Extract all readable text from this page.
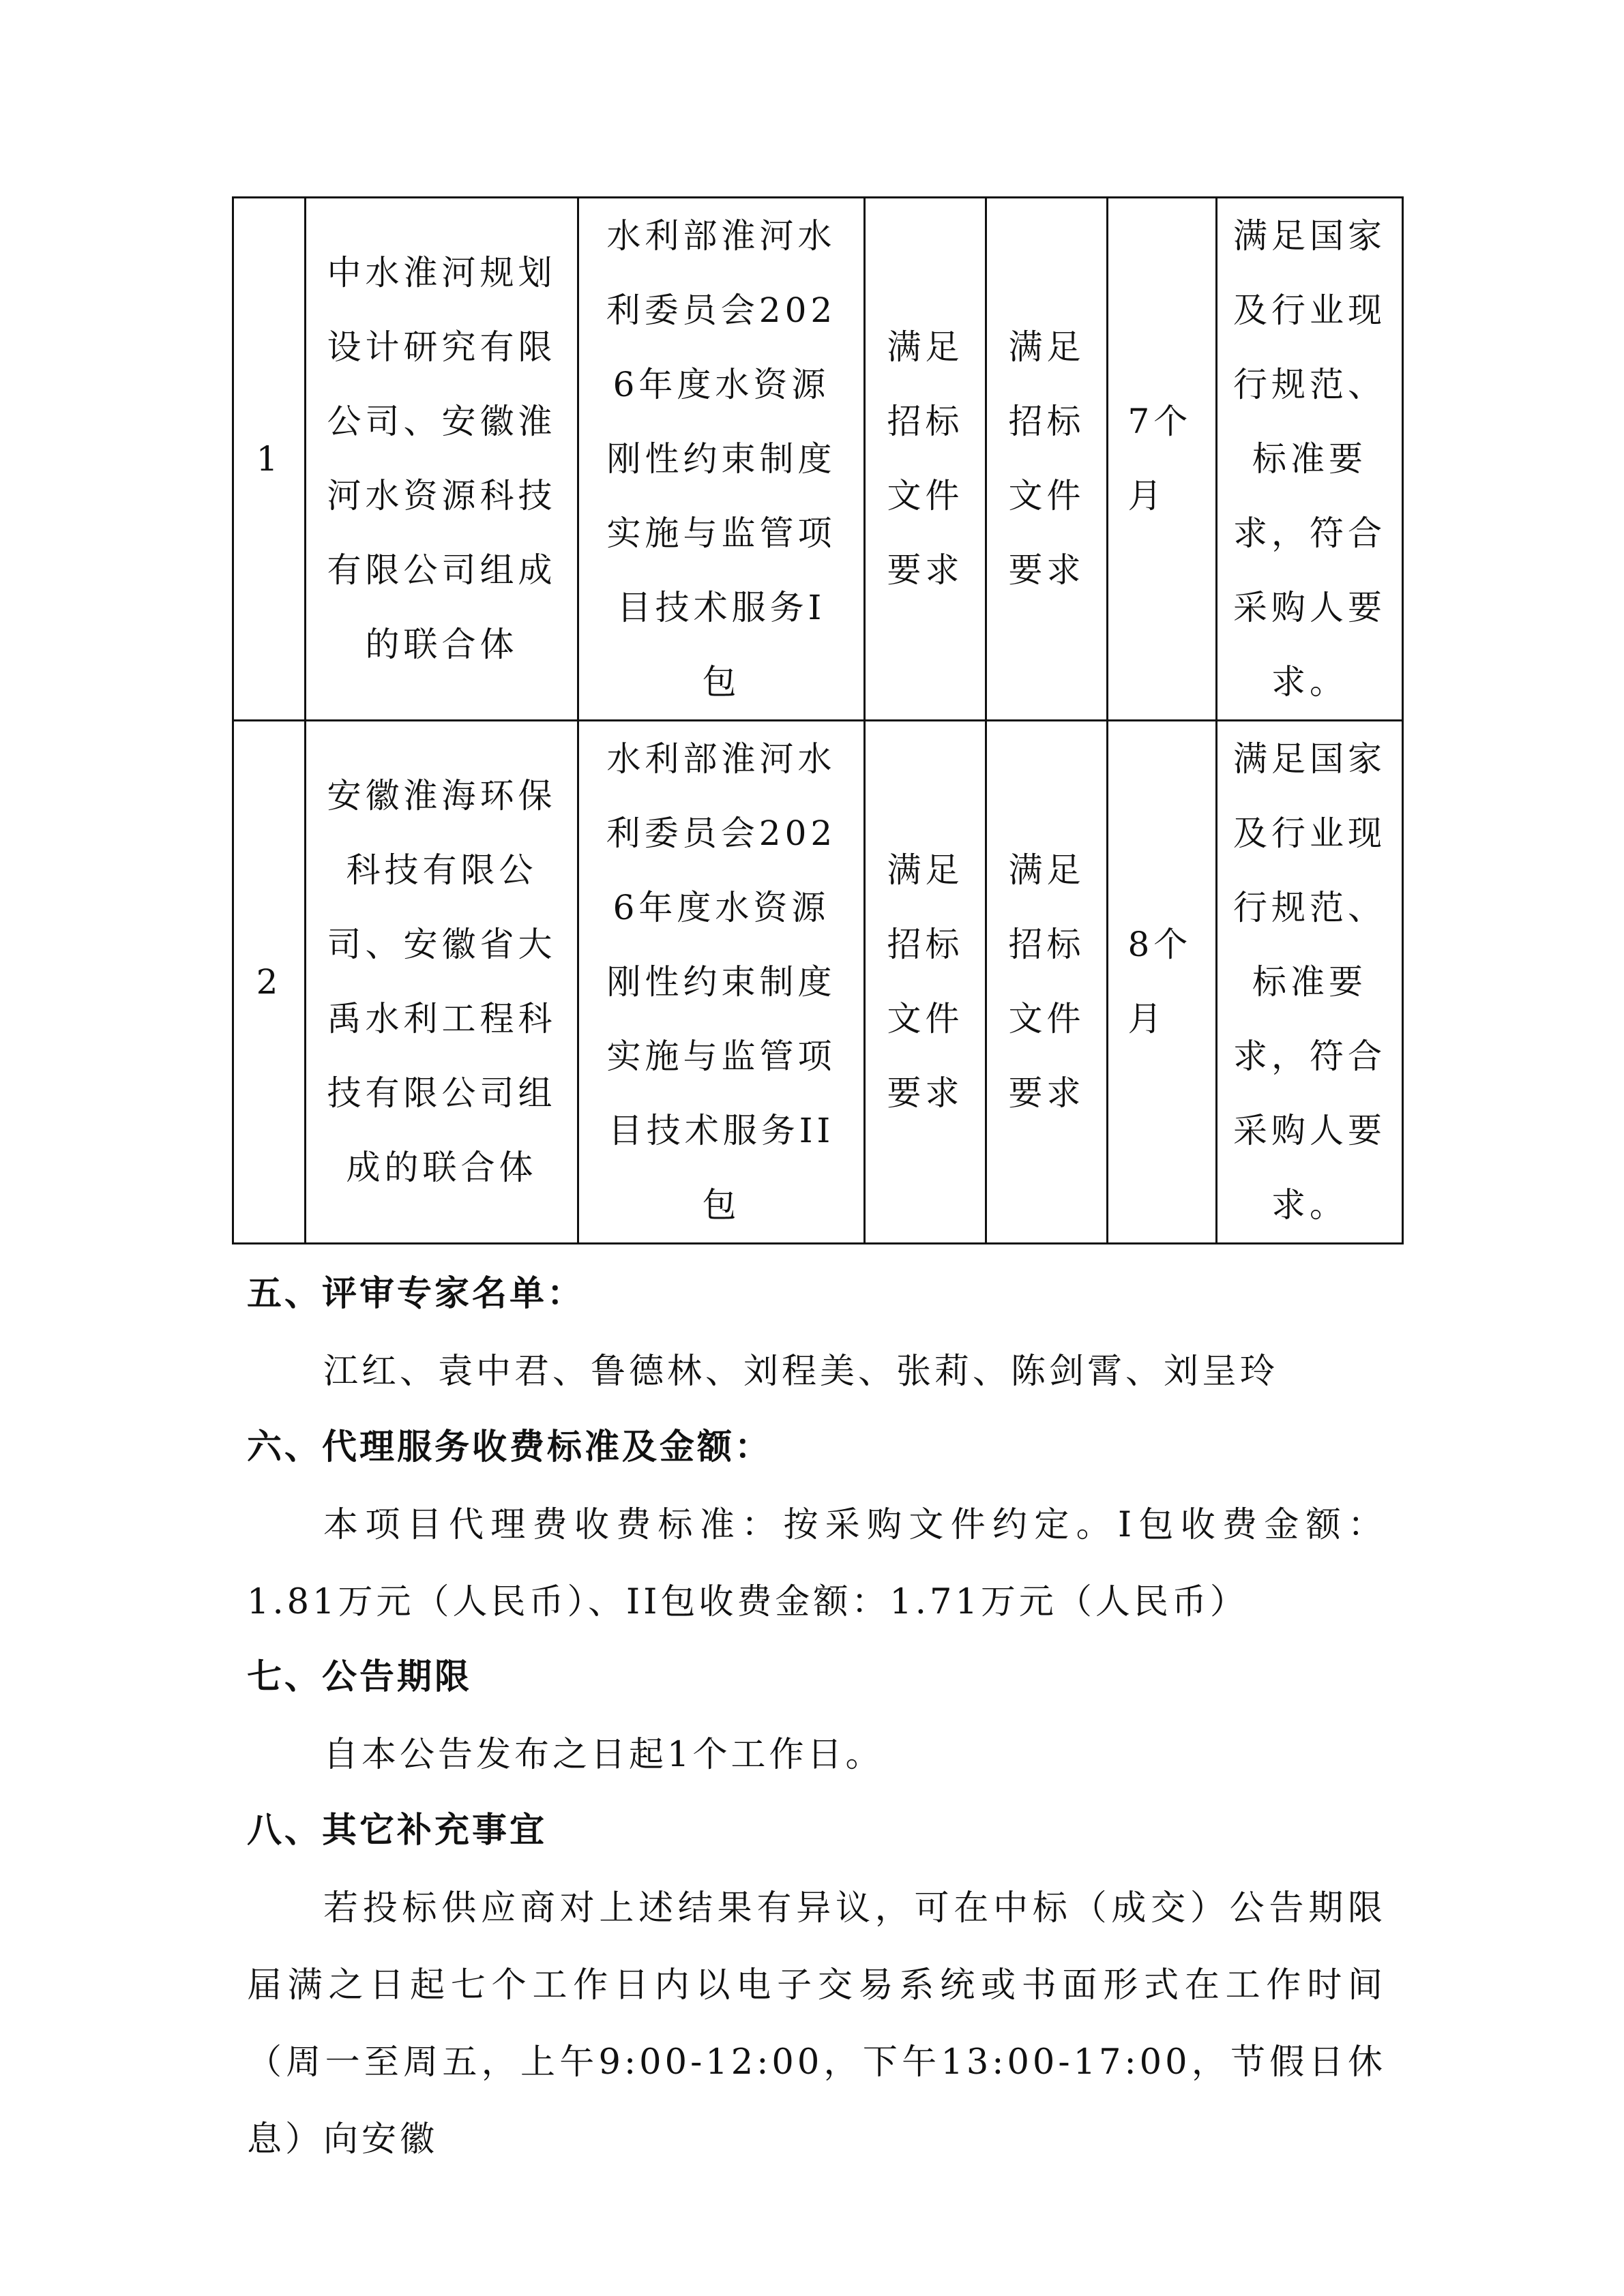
1	中水淮河规划设计研究有限公司、安徽淮河水资源科技有限公司组成的联合体	水利部淮河水利委员会2026年度水资源刚性约束制度实施与监管项目技术服务Ⅰ包	满足招标文件要求	满足招标文件要求	7个月	满足国家及行业现行规范、标准要求，符合采购人要求。

2	安徽淮海环保科技有限公司、安徽省大禹水利工程科技有限公司组成的联合体	水利部淮河水利委员会2026年度水资源刚性约束制度实施与监管项目技术服务II包	满足招标文件要求	满足招标文件要求	8个月	满足国家及行业现行规范、标准要求，符合采购人要求。
五、评审专家名单：
江红、袁中君、鲁德林、刘程美、张莉、陈剑霄、刘呈玲
六、代理服务收费标准及金额：
本项目代理费收费标准：按采购文件约定。Ⅰ包收费金额：1.81万元（人民币）、II包收费金额：1.71万元（人民币）
七、公告期限
自本公告发布之日起1个工作日。
八、其它补充事宜
若投标供应商对上述结果有异议，可在中标（成交）公告期限届满之日起七个工作日内以电子交易系统或书面形式在工作时间（周一至周五，上午9:00-12:00，下午13:00-17:00，节假日休息）向安徽
